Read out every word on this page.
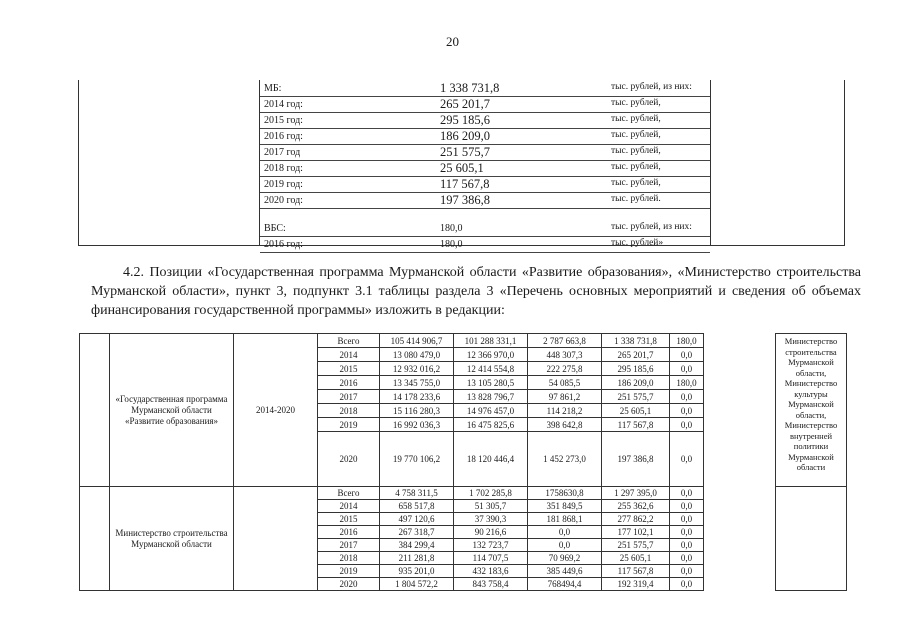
20
МБ:	1 338 731,8	тыс. рублей, из них:
2014 год:	265 201,7	тыс. рублей,
2015 год:	295 185,6	тыс. рублей,
2016 год:	186 209,0	тыс. рублей,
2017 год	251 575,7	тыс. рублей,
2018 год:	25 605,1	тыс. рублей,
2019 год:	117 567,8	тыс. рублей,
2020 год:	197 386,8	тыс. рублей.
ВБС:	180,0	тыс. рублей, из них:
2016 год:	180,0	тыс. рублей»

4.2. Позиции «Государственная программа Мурманской области «Развитие образования», «Министерство строительства Мурманской области», пункт 3, подпункт 3.1 таблицы раздела 3 «Перечень основных мероприятий и сведения об объемах финансирования государственной программы» изложить в редакции:

	«Государственная программа Мурманской области «Развитие образования»	2014-2020	Всего	105 414 906,7	101 288 331,1	2 787 663,8	1 338 731,8	180,0		Министерство строительства Мурманской области, Министерство культуры Мурманской области, Министерство внутренней политики Мурманской области
			2014	13 080 479,0	12 366 970,0	448 307,3	265 201,7	0,0		
			2015	12 932 016,2	12 414 554,8	222 275,8	295 185,6	0,0		
			2016	13 345 755,0	13 105 280,5	54 085,5	186 209,0	180,0		
			2017	14 178 233,6	13 828 796,7	97 861,2	251 575,7	0,0		
			2018	15 116 280,3	14 976 457,0	114 218,2	25 605,1	0,0		
			2019	16 992 036,3	16 475 825,6	398 642,8	117 567,8	0,0		
			2020	19 770 106,2	18 120 446,4	1 452 273,0	197 386,8	0,0		
	Министерство строительства Мурманской области		Всего	4 758 311,5	1 702 285,8	1758630,8	1 297 395,0	0,0		
			2014	658 517,8	51 305,7	351 849,5	255 362,6	0,0		
			2015	497 120,6	37 390,3	181 868,1	277 862,2	0,0		
			2016	267 318,7	90 216,6	0,0	177 102,1	0,0		
			2017	384 299,4	132 723,7	0,0	251 575,7	0,0		
			2018	211 281,8	114 707,5	70 969,2	25 605,1	0,0		
			2019	935 201,0	432 183,6	385 449,6	117 567,8	0,0		
			2020	1 804 572,2	843 758,4	768494,4	192 319,4	0,0		
